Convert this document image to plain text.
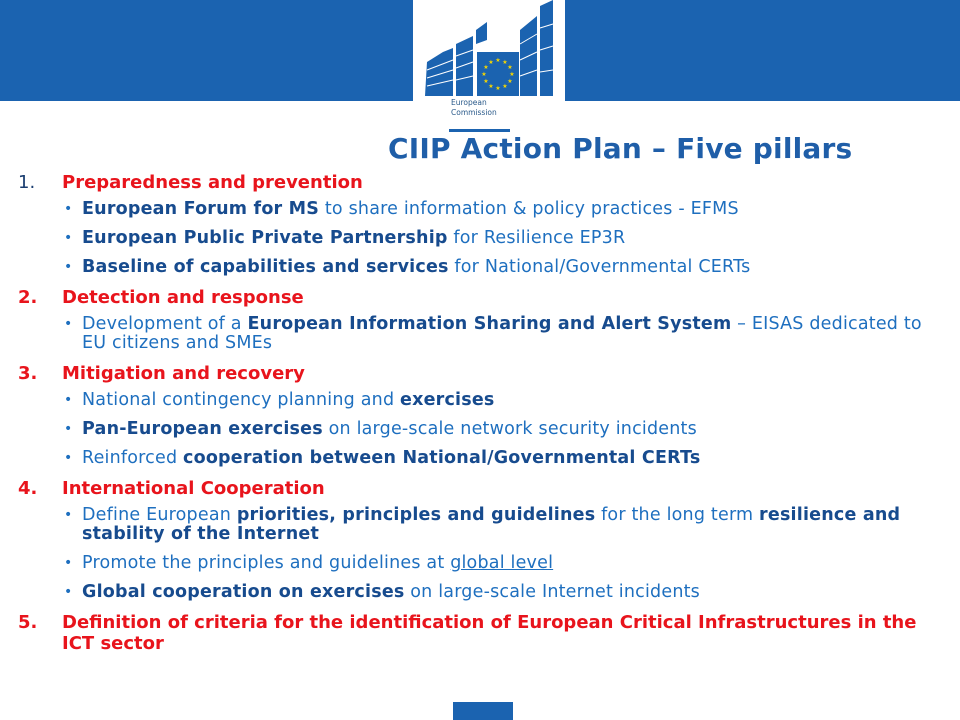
★ ★
★
★
★
★
★
★
★
★
★
★
European
Commission
CIIP Action Plan – Five pillars
1.	Preparedness and prevention
• European Forum for MS to share information & policy practices - EFMS
• European Public Private Partnership for Resilience EP3R
• Baseline of capabilities and services for National/Governmental CERTs
2.	Detection and response
• Development of a European Information Sharing and Alert System – EISAS dedicated to EU citizens and SMEs
3.	Mitigation and recovery
• National contingency planning and exercises
• Pan-European exercises on large-scale network security incidents
• Reinforced cooperation between National/Governmental CERTs
4.	International Cooperation
• Define European priorities, principles and guidelines for the long term resilience and stability of the Internet
• Promote the principles and guidelines at global level
• Global cooperation on exercises on large-scale Internet incidents
5.	Definition of criteria for the identification of European Critical Infrastructures in the ICT sector
